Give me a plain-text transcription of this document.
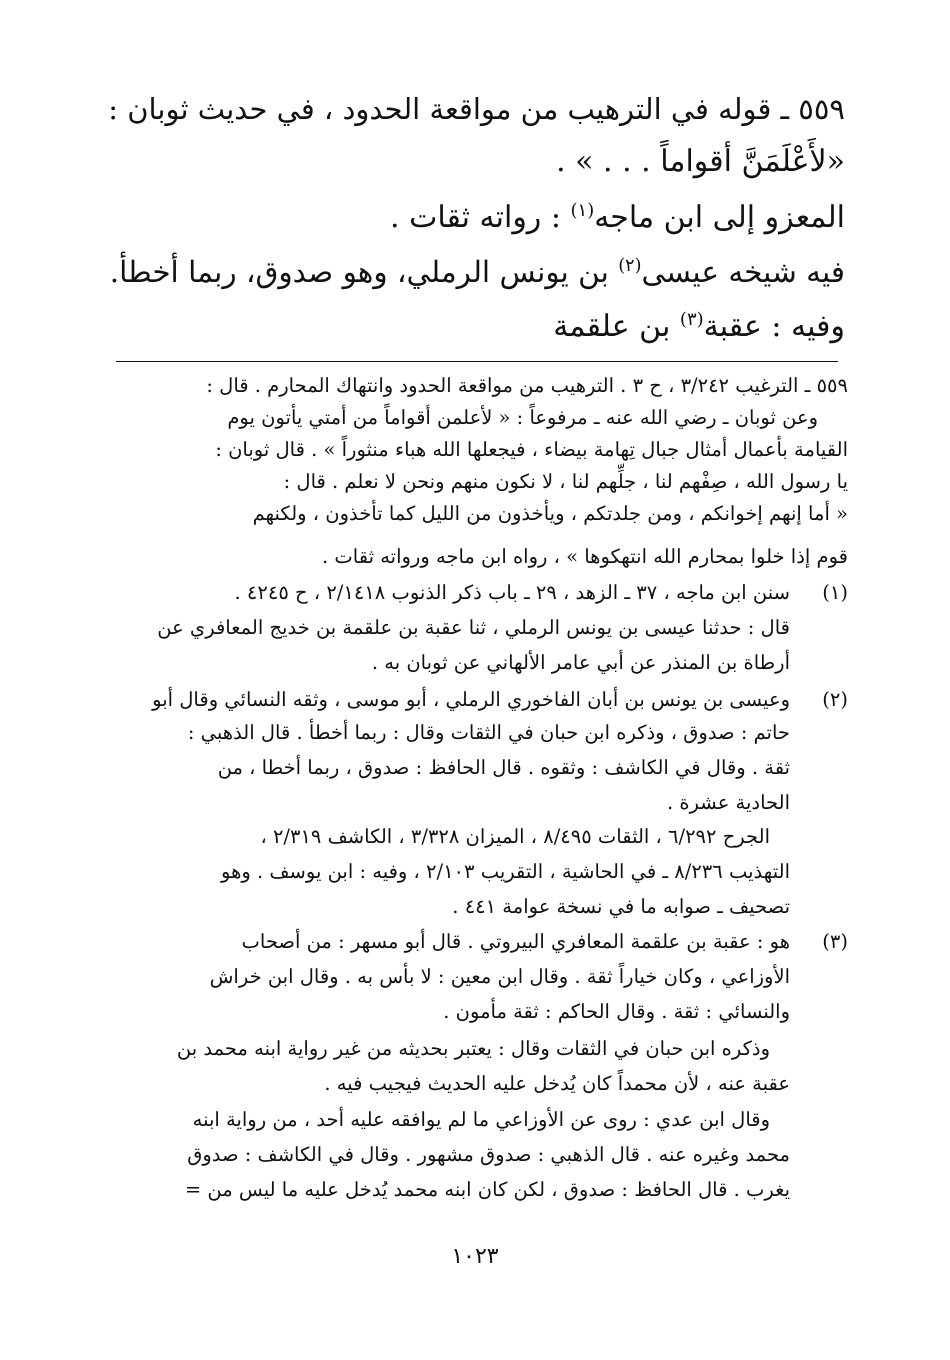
٥٥٩ ـ قوله في الترهيب من مواقعة الحدود ، في حديث ثوبان :
«لأَعْلَمَنَّ أقواماً . . . » .
المعزو إلى ابن ماجه$^{(١)}$ : رواته ثقات .
فيه شيخه عيسى$^{(٢)}$ بن يونس الرملي، وهو صدوق، ربما أخطأ.
وفيه : عقبة$^{(٣)}$ بن علقمة
٥٥٩ ـ الترغيب ٣/٢٤٢ ، ح ٣ . الترهيب من مواقعة الحدود وانتهاك المحارم . قال :
وعن ثوبان ـ رضي الله عنه ـ مرفوعاً : « لأعلمن أقواماً من أمتي يأتون يوم
القيامة بأعمال أمثال جبال تِهامة بيضاء ، فيجعلها الله هباء منثوراً » . قال ثوبان :
يا رسول الله ، صِفْهم لنا ، جلِّهم لنا ، لا نكون منهم ونحن لا نعلم . قال :
« أما إنهم إخوانكم ، ومن جلدتكم ، ويأخذون من الليل كما تأخذون ، ولكنهم
قوم إذا خلوا بمحارم الله انتهكوها » ، رواه ابن ماجه ورواته ثقات .
(١)
سنن ابن ماجه ، ٣٧ ـ الزهد ، ٢٩ ـ باب ذكر الذنوب ٢/١٤١٨ ، ح ٤٢٤٥ .
قال : حدثنا عيسى بن يونس الرملي ، ثنا عقبة بن علقمة بن خديج المعافري عن
أرطاة بن المنذر عن أبي عامر الألهاني عن ثوبان به .
(٢)
وعيسى بن يونس بن أبان الفاخوري الرملي ، أبو موسى ، وثقه النسائي وقال أبو
حاتم : صدوق ، وذكره ابن حبان في الثقات وقال : ربما أخطأ . قال الذهبي :
ثقة . وقال في الكاشف : وثقوه . قال الحافظ : صدوق ، ربما أخطا ، من
الحادية عشرة .
الجرح ٦/٢٩٢ ، الثقات ٨/٤٩٥ ، الميزان ٣/٣٢٨ ، الكاشف ٢/٣١٩ ،
التهذيب ٨/٢٣٦ ـ في الحاشية ، التقريب ٢/١٠٣ ، وفيه : ابن يوسف . وهو
تصحيف ـ صوابه ما في نسخة عوامة ٤٤١ .
(٣)
هو : عقبة بن علقمة المعافري البيروتي . قال أبو مسهر : من أصحاب
الأوزاعي ، وكان خياراً ثقة . وقال ابن معين : لا بأس به . وقال ابن خراش
والنسائي : ثقة . وقال الحاكم : ثقة مأمون .
وذكره ابن حبان في الثقات وقال : يعتبر بحديثه من غير رواية ابنه محمد بن
عقبة عنه ، لأن محمداً كان يُدخل عليه الحديث فيجيب فيه .
وقال ابن عدي : روى عن الأوزاعي ما لم يوافقه عليه أحد ، من رواية ابنه
محمد وغيره عنه . قال الذهبي : صدوق مشهور . وقال في الكاشف : صدوق
يغرب . قال الحافظ : صدوق ، لكن كان ابنه محمد يُدخل عليه ما ليس من =
١٠٢٣
